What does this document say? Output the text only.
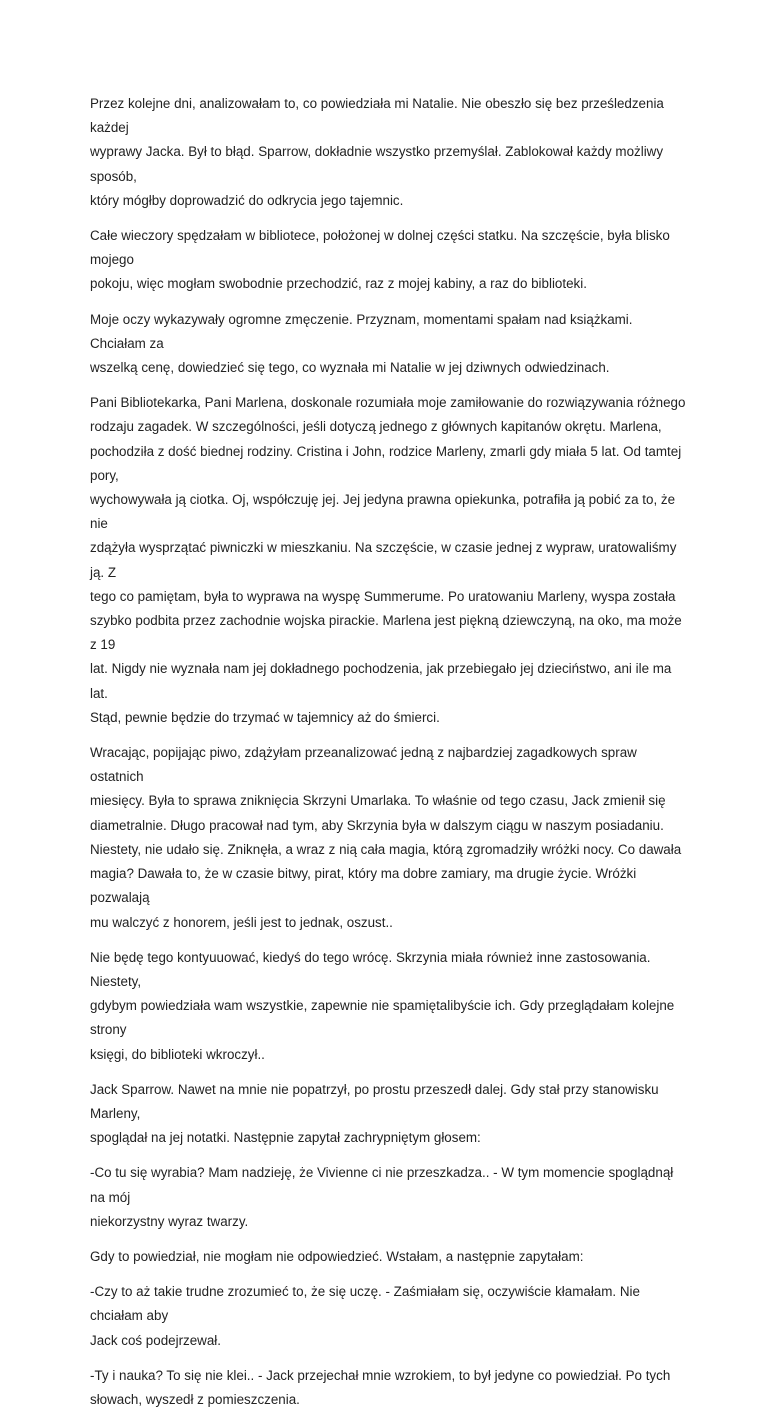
Przez kolejne dni, analizowałam to, co powiedziała mi Natalie. Nie obeszło się bez prześledzenia każdej
wyprawy Jacka. Był to błąd. Sparrow, dokładnie wszystko przemyślał. Zablokował każdy możliwy sposób,
który mógłby doprowadzić do odkrycia jego tajemnic.

Całe wieczory spędzałam w bibliotece, położonej w dolnej części statku. Na szczęście, była blisko mojego
pokoju, więc mogłam swobodnie przechodzić, raz z mojej kabiny, a raz do biblioteki.

Moje oczy wykazywały ogromne zmęczenie. Przyznam, momentami spałam nad książkami. Chciałam za
wszelką cenę, dowiedzieć się tego, co wyznała mi Natalie w jej dziwnych odwiedzinach.

Pani Bibliotekarka, Pani Marlena, doskonale rozumiała moje zamiłowanie do rozwiązywania różnego
rodzaju zagadek. W szczególności, jeśli dotyczą jednego z głównych kapitanów okrętu. Marlena,
pochodziła z dość biednej rodziny. Cristina i John, rodzice Marleny, zmarli gdy miała 5 lat. Od tamtej pory,
wychowywała ją ciotka. Oj, współczuję jej. Jej jedyna prawna opiekunka, potrafiła ją pobić za to, że nie
zdążyła wysprzątać piwniczki w mieszkaniu. Na szczęście, w czasie jednej z wypraw, uratowaliśmy ją. Z
tego co pamiętam, była to wyprawa na wyspę Summerume. Po uratowaniu Marleny, wyspa została
szybko podbita przez zachodnie wojska pirackie. Marlena jest piękną dziewczyną, na oko, ma może z 19
lat. Nigdy nie wyznała nam jej dokładnego pochodzenia, jak przebiegało jej dzieciństwo, ani ile ma lat.
Stąd, pewnie będzie do trzymać w tajemnicy aż do śmierci.

Wracając, popijając piwo, zdążyłam przeanalizować jedną z najbardziej zagadkowych spraw ostatnich
miesięcy. Była to sprawa zniknięcia Skrzyni Umarlaka. To właśnie od tego czasu, Jack zmienił się
diametralnie. Długo pracował nad tym, aby Skrzynia była w dalszym ciągu w naszym posiadaniu.
Niestety, nie udało się. Zniknęła, a wraz z nią cała magia, którą zgromadziły wróżki nocy. Co dawała
magia? Dawała to, że w czasie bitwy, pirat, który ma dobre zamiary, ma drugie życie. Wróżki pozwalają
mu walczyć z honorem, jeśli jest to jednak, oszust..

Nie będę tego kontyuuować, kiedyś do tego wrócę. Skrzynia miała również inne zastosowania. Niestety,
gdybym powiedziała wam wszystkie, zapewnie nie spamiętalibyście ich. Gdy przeglądałam kolejne strony
księgi, do biblioteki wkroczył..

Jack Sparrow. Nawet na mnie nie popatrzył, po prostu przeszedł dalej. Gdy stał przy stanowisku Marleny,
spoglądał na jej notatki. Następnie zapytał zachrypniętym głosem:

-Co tu się wyrabia? Mam nadzieję, że Vivienne ci nie przeszkadza.. - W tym momencie spoglądnął na mój
niekorzystny wyraz twarzy.

Gdy to powiedział, nie mogłam nie odpowiedzieć. Wstałam, a następnie zapytałam:

-Czy to aż takie trudne zrozumieć to, że się uczę. - Zaśmiałam się, oczywiście kłamałam. Nie chciałam aby
Jack coś podejrzewał.

-Ty i nauka? To się nie klei.. - Jack przejechał mnie wzrokiem, to był jedyne co powiedział. Po tych
słowach, wyszedł z pomieszczenia.
